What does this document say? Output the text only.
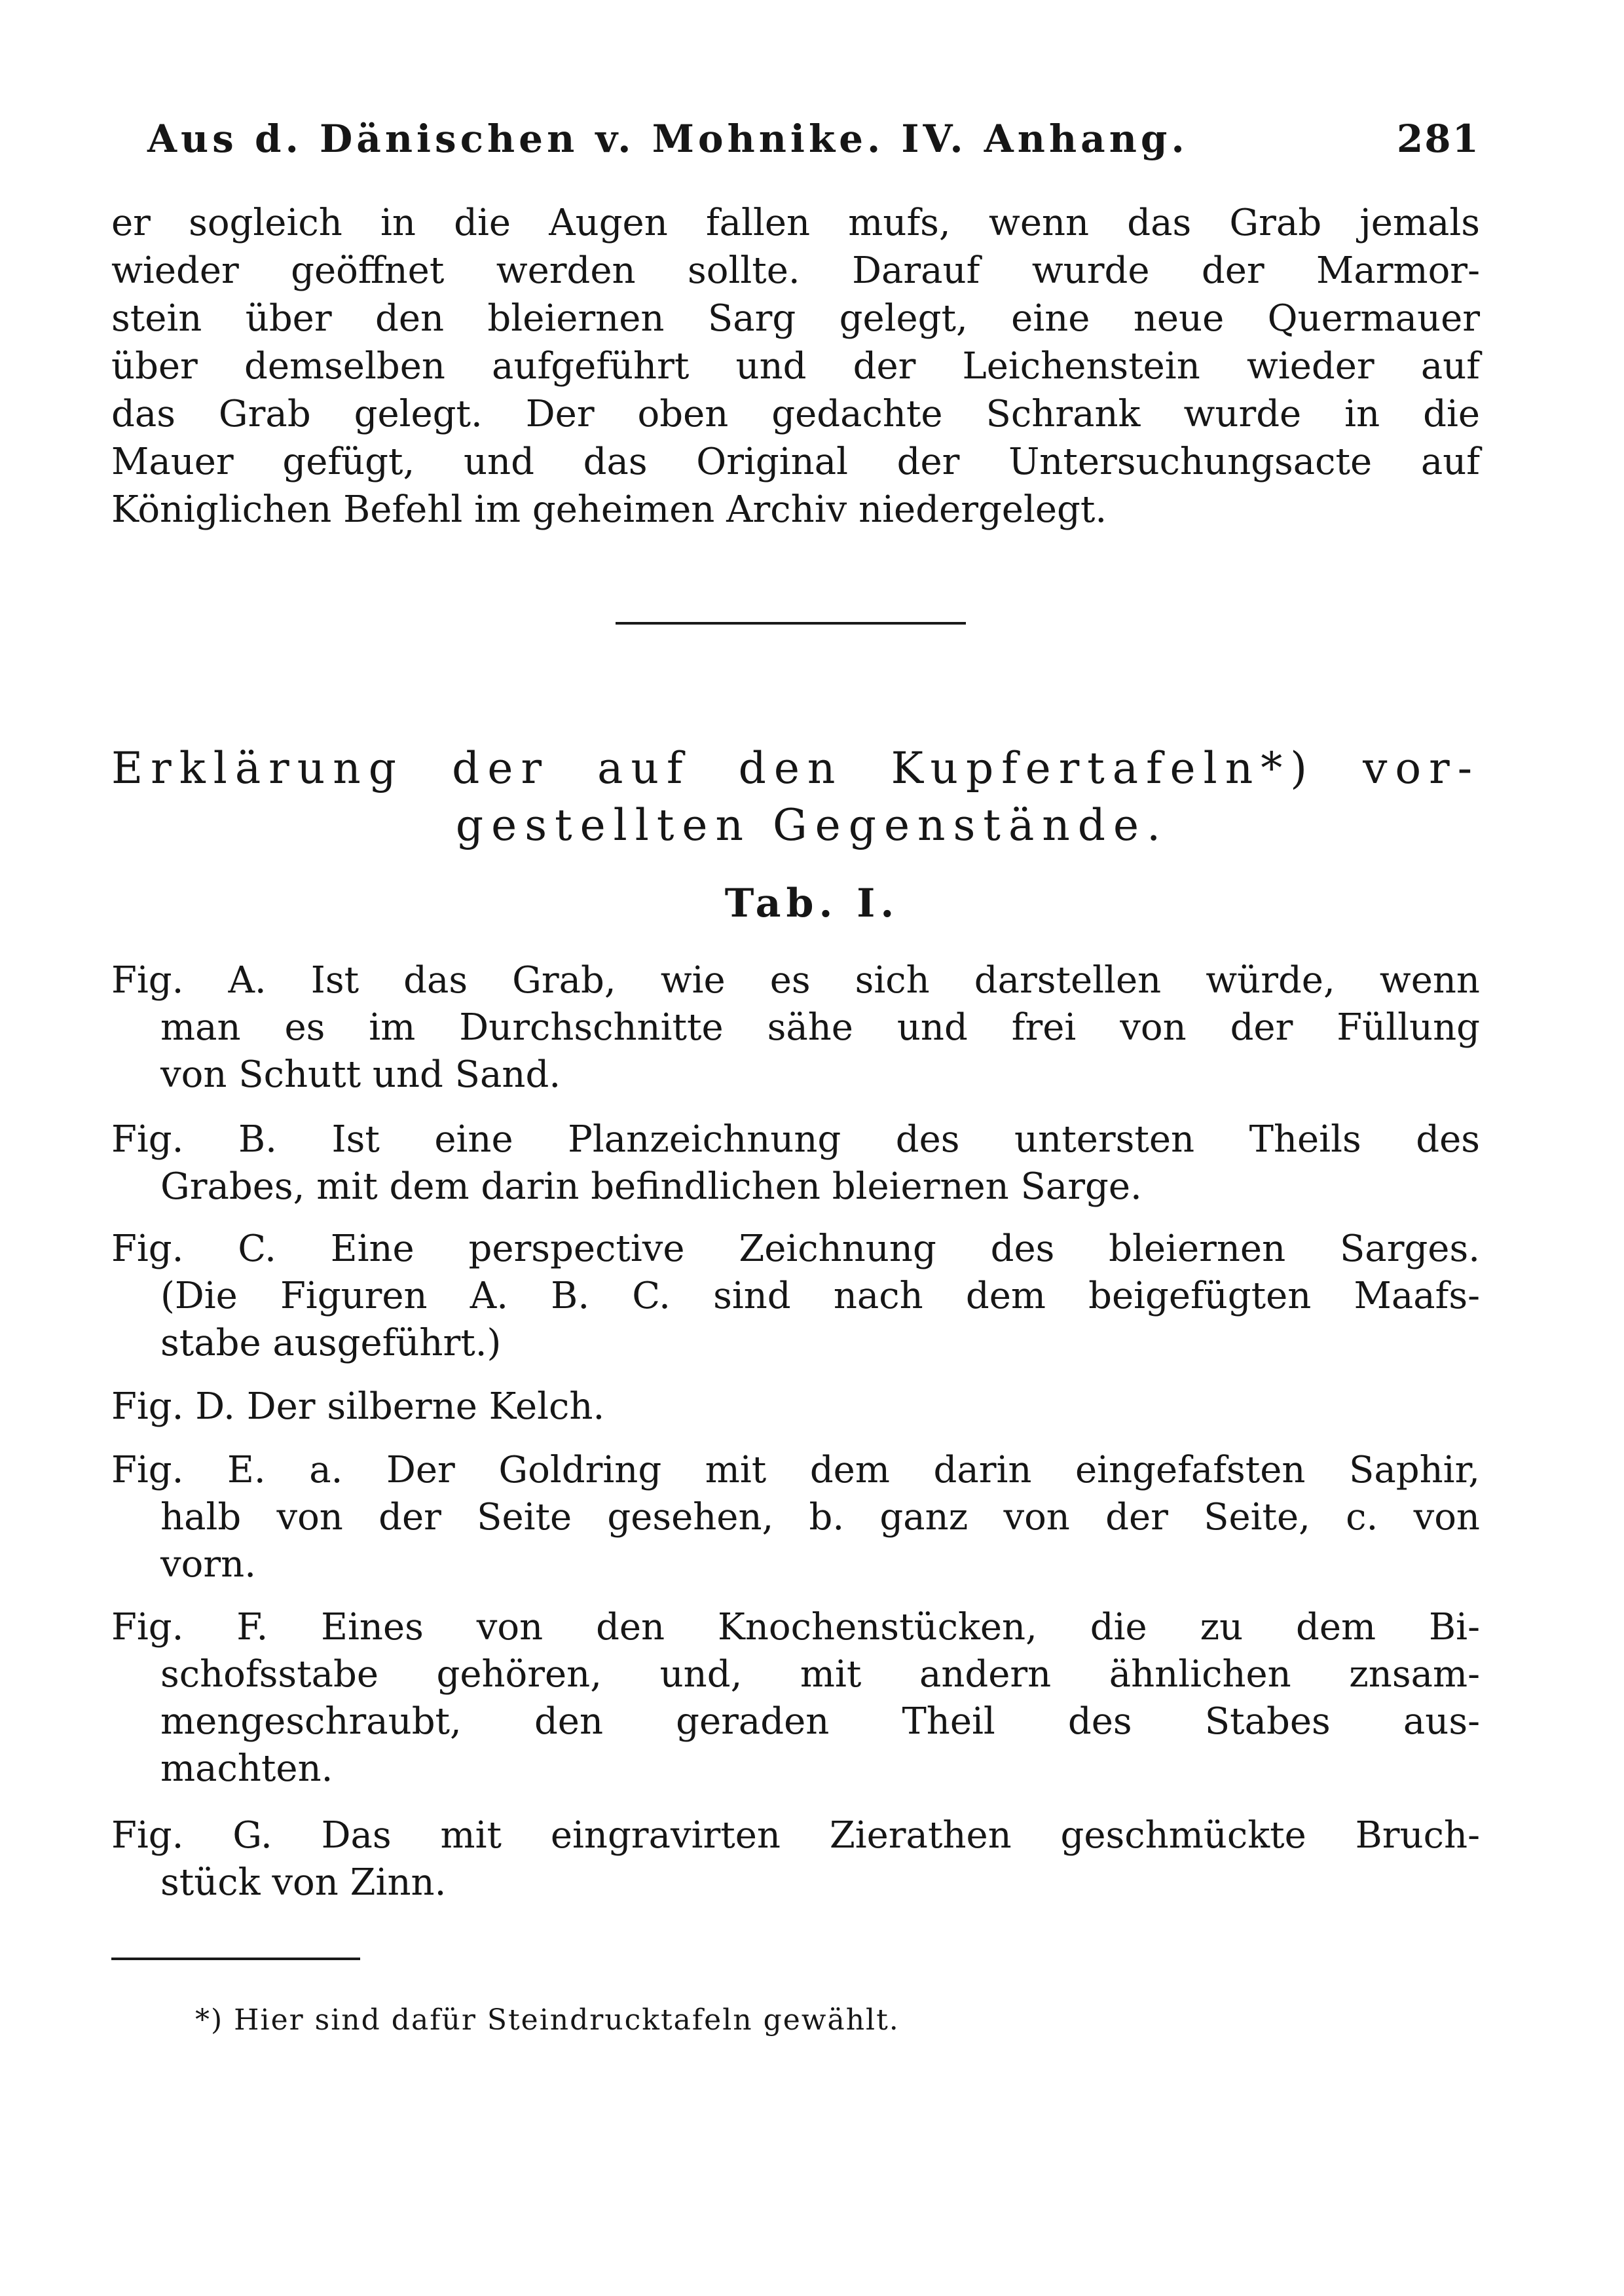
Aus d. Dänischen v. Mohnike. IV. Anhang.	281
er sogleich in die Augen fallen mufs, wenn das Grab jemals
wieder geöffnet werden sollte. Darauf wurde der Marmor-
stein über den bleiernen Sarg gelegt, eine neue Quermauer
über demselben aufgeführt und der Leichenstein wieder auf
das Grab gelegt. Der oben gedachte Schrank wurde in die
Mauer gefügt, und das Original der Untersuchungsacte auf
Königlichen Befehl im geheimen Archiv niedergelegt.
Erklärung der auf den Kupfertafeln*) vor-
gestellten Gegenstände.
Tab. I.
Fig. A. Ist das Grab, wie es sich darstellen würde, wenn
man es im Durchschnitte sähe und frei von der Füllung
von Schutt und Sand.
Fig. B. Ist eine Planzeichnung des untersten Theils des
Grabes, mit dem darin befindlichen bleiernen Sarge.
Fig. C. Eine perspective Zeichnung des bleiernen Sarges.
(Die Figuren A. B. C. sind nach dem beigefügten Maafs-
stabe ausgeführt.)
Fig. D. Der silberne Kelch.
Fig. E. a. Der Goldring mit dem darin eingefafsten Saphir,
halb von der Seite gesehen, b. ganz von der Seite, c. von
vorn.
Fig. F. Eines von den Knochenstücken, die zu dem Bi-
schofsstabe gehören, und, mit andern ähnlichen znsam-
mengeschraubt, den geraden Theil des Stabes aus-
machten.
Fig. G. Das mit eingravirten Zierathen geschmückte Bruch-
stück von Zinn.
*) Hier sind dafür Steindrucktafeln gewählt.
